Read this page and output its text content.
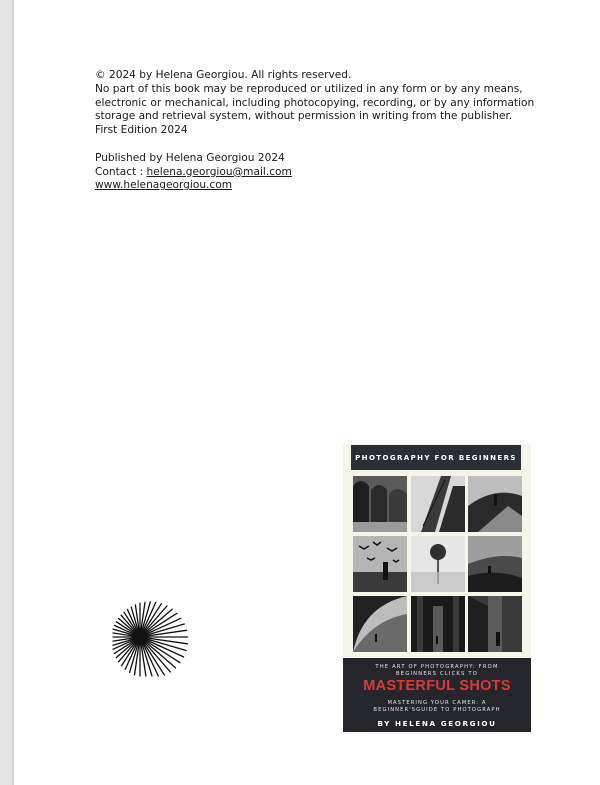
© 2024 by Helena Georgiou. All rights reserved.

No part of this book may be reproduced or utilized in any form or by any means, electronic or mechanical, including photocopying, recording, or by any information storage and retrieval system, without permission in writing from the publisher.

First Edition 2024

Published by Helena Georgiou 2024

Contact : helena.georgiou@mail.com

www.helenageorgiou.com

PHOTOGRAPHY FOR BEGINNERS
THE ART OF PHOTOGRAPHY: FROM BEGINNERS CLICKS TO
MASTERFUL SHOTS
MASTERING YOUR CAMER: A BEGINNER'SGUIDE TO PHOTOGRAPH
BY HELENA GEORGIOU
